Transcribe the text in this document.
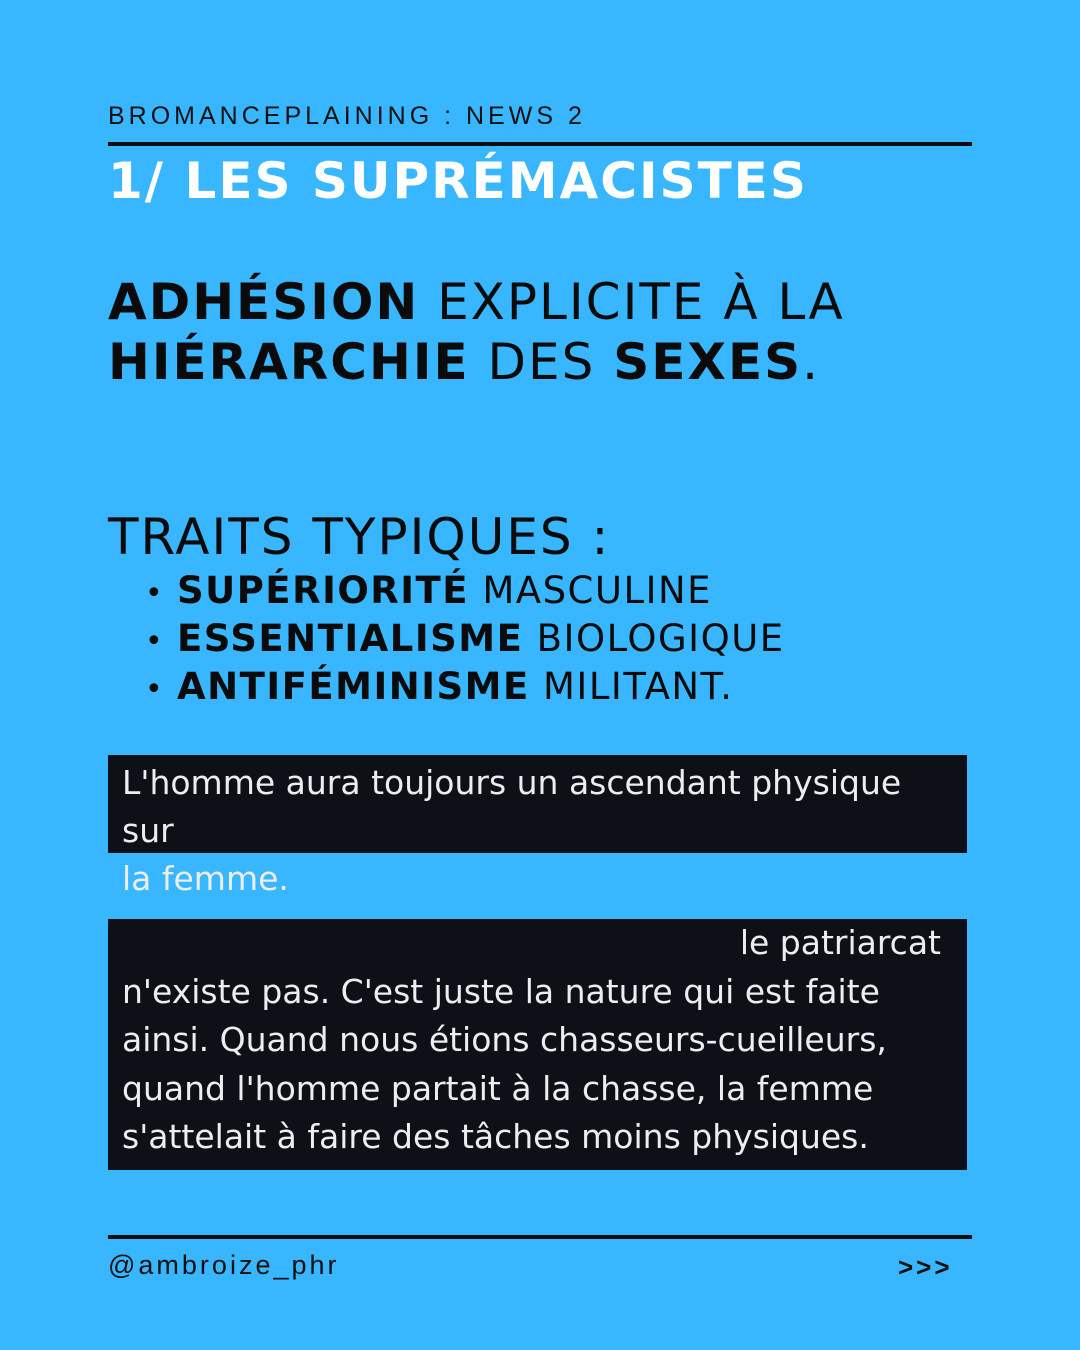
BROMANCEPLAINING : NEWS 2
1/ LES SUPRÉMACISTES
ADHÉSION EXPLICITE À LA
HIÉRARCHIE DES SEXES.
TRAITS TYPIQUES :
• SUPÉRIORITÉ MASCULINE
• ESSENTIALISME BIOLOGIQUE
• ANTIFÉMINISME MILITANT.
L'homme aura toujours un ascendant physique sur
la femme.
le patriarcat
n'existe pas. C'est juste la nature qui est faite
ainsi. Quand nous étions chasseurs-cueilleurs,
quand l'homme partait à la chasse, la femme
s'attelait à faire des tâches moins physiques.
@ambroize_phr	>>>
